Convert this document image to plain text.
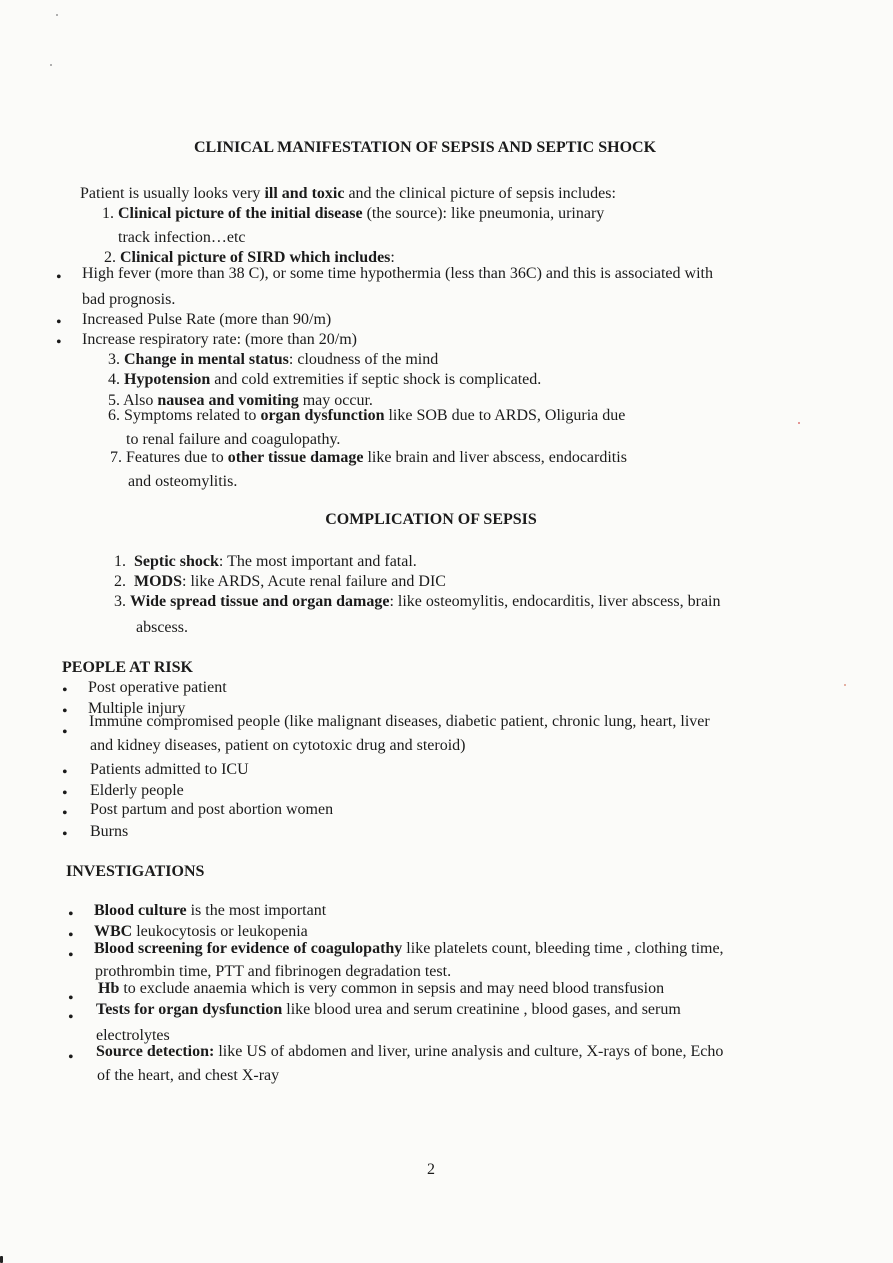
CLINICAL MANIFESTATION OF SEPSIS AND SEPTIC SHOCK
Patient is usually looks very ill and toxic and the clinical picture of sepsis includes:
1. Clinical picture of the initial disease (the source): like pneumonia, urinary
track infection…etc
2. Clinical picture of SIRD which includes:
• High fever (more than 38 C), or some time hypothermia (less than 36C) and this is associated with
bad prognosis.
• Increased Pulse Rate (more than 90/m)
• Increase respiratory rate: (more than 20/m)
3. Change in mental status: cloudness of the mind
4. Hypotension and cold extremities if septic shock is complicated.
5. Also nausea and vomiting may occur.
6. Symptoms related to organ dysfunction like SOB due to ARDS, Oliguria due
to renal failure and coagulopathy.
7. Features due to other tissue damage like brain and liver abscess, endocarditis
and osteomylitis.
COMPLICATION OF SEPSIS
1. Septic shock: The most important and fatal.
2. MODS: like ARDS, Acute renal failure and DIC
3. Wide spread tissue and organ damage: like osteomylitis, endocarditis, liver abscess, brain
abscess.
PEOPLE AT RISK
• Post operative patient
• Multiple injury
•
Immune compromised people (like malignant diseases, diabetic patient, chronic lung, heart, liver
and kidney diseases, patient on cytotoxic drug and steroid)
• Patients admitted to ICU
• Elderly people
• Post partum and post abortion women
• Burns
INVESTIGATIONS
• Blood culture is the most important
• WBC leukocytosis or leukopenia
• Blood screening for evidence of coagulopathy like platelets count, bleeding time , clothing time,
prothrombin time, PTT and fibrinogen degradation test.
•
Hb to exclude anaemia which is very common in sepsis and may need blood transfusion
• Tests for organ dysfunction like blood urea and serum creatinine , blood gases, and serum
electrolytes
• Source detection: like US of abdomen and liver, urine analysis and culture, X-rays of bone, Echo
of the heart, and chest X-ray
2
